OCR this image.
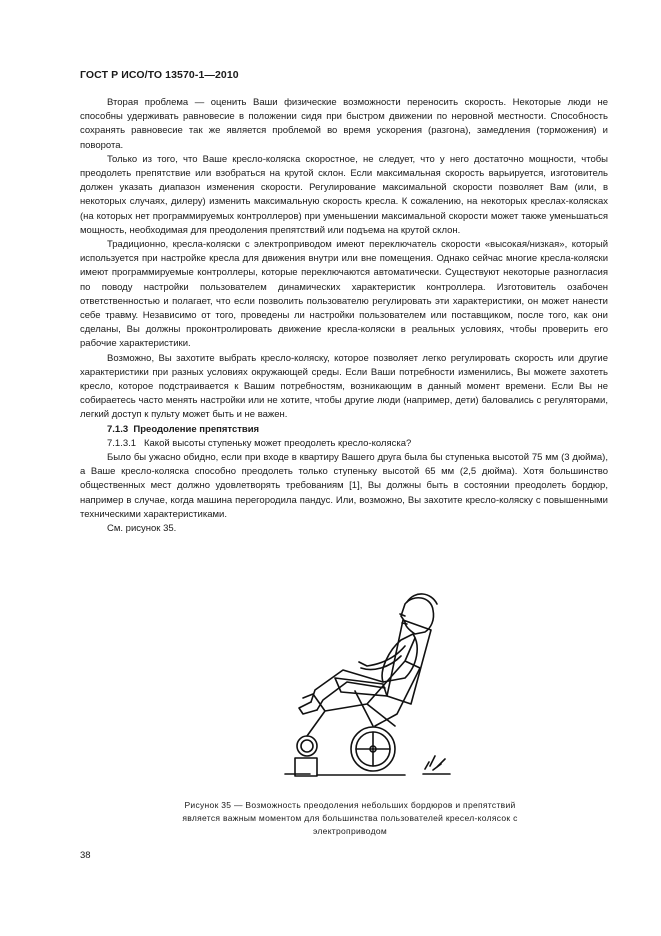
ГОСТ Р ИСО/ТО 13570-1—2010

Вторая проблема — оценить Ваши физические возможности переносить скорость. Некоторые люди не способны удерживать равновесие в положении сидя при быстром движении по неровной местности. Способность сохранять равновесие так же является проблемой во время ускорения (разгона), замедления (торможения) и поворота.

Только из того, что Ваше кресло-коляска скоростное, не следует, что у него достаточно мощности, чтобы преодолеть препятствие или взобраться на крутой склон. Если максимальная скорость варьируется, изготовитель должен указать диапазон изменения скорости. Регулирование максимальной скорости позволяет Вам (или, в некоторых случаях, дилеру) изменить максимальную скорость кресла. К сожалению, на некоторых креслах-колясках (на которых нет программируемых контроллеров) при уменьшении максимальной скорости может также уменьшаться мощность, необходимая для преодоления препятствий или подъема на крутой склон.

Традиционно, кресла-коляски с электроприводом имеют переключатель скорости «высокая/низкая», который используется при настройке кресла для движения внутри или вне помещения. Однако сейчас многие кресла-коляски имеют программируемые контроллеры, которые переключаются автоматически. Существуют некоторые разногласия по поводу настройки пользователем динамических характеристик контроллера. Изготовитель озабочен ответственностью и полагает, что если позволить пользователю регулировать эти характеристики, он может нанести себе травму. Независимо от того, проведены ли настройки пользователем или поставщиком, после того, как они сделаны, Вы должны проконтролировать движение кресла-коляски в реальных условиях, чтобы проверить его рабочие характеристики.

Возможно, Вы захотите выбрать кресло-коляску, которое позволяет легко регулировать скорость или другие характеристики при разных условиях окружающей среды. Если Ваши потребности изменились, Вы можете захотеть кресло, которое подстраивается к Вашим потребностям, возникающим в данный момент времени. Если Вы не собираетесь часто менять настройки или не хотите, чтобы другие люди (например, дети) баловались с регуляторами, легкий доступ к пульту может быть и не важен.

7.1.3 Преодоление препятствия

7.1.3.1 Какой высоты ступеньку может преодолеть кресло-коляска?

Было бы ужасно обидно, если при входе в квартиру Вашего друга была бы ступенька высотой 75 мм (3 дюйма), а Ваше кресло-коляска способно преодолеть только ступеньку высотой 65 мм (2,5 дюйма). Хотя большинство общественных мест должно удовлетворять требованиям [1], Вы должны быть в состоянии преодолеть бордюр, например в случае, когда машина перегородила пандус. Или, возможно, Вы захотите кресло-коляску с повышенными техническими характеристиками.

См. рисунок 35.

Рисунок 35 — Возможность преодоления небольших бордюров и препятствий является важным моментом для большинства пользователей кресел-колясок с электроприводом
38
